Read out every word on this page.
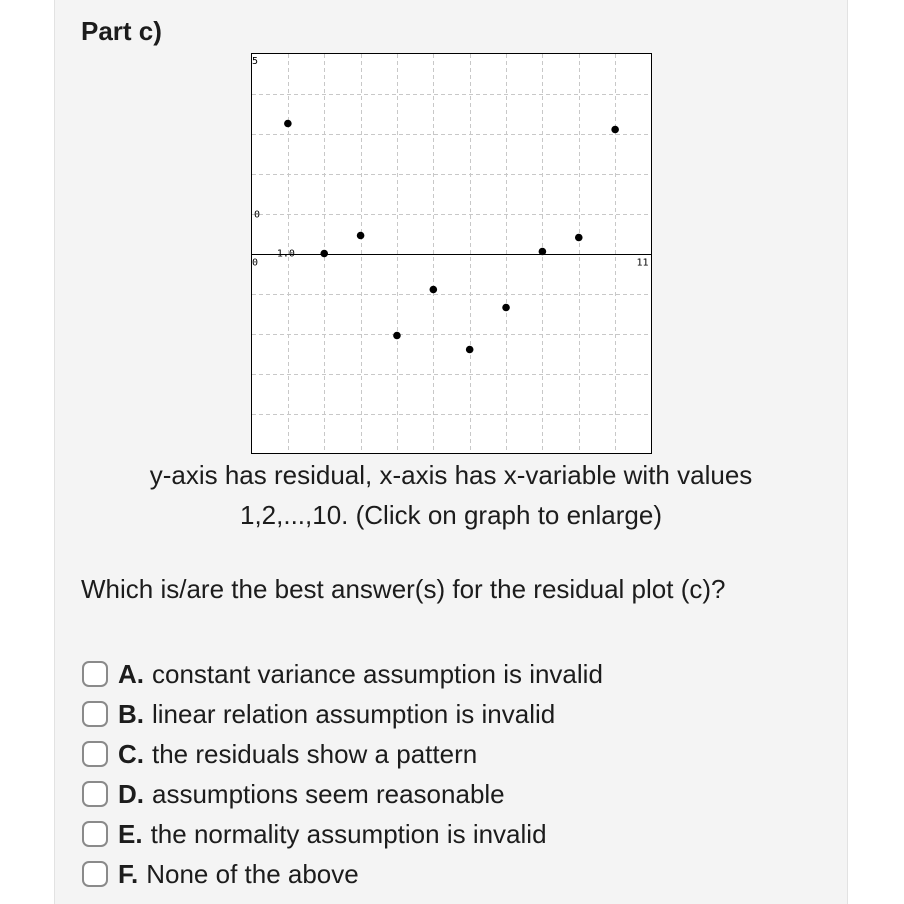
Part c)
5
0
0
1.0
11
y-axis has residual, x-axis has x-variable with values
1,2,...,10. (Click on graph to enlarge)
Which is/are the best answer(s) for the residual plot (c)?
A. constant variance assumption is invalid
B. linear relation assumption is invalid
C. the residuals show a pattern
D. assumptions seem reasonable
E. the normality assumption is invalid
F. None of the above
